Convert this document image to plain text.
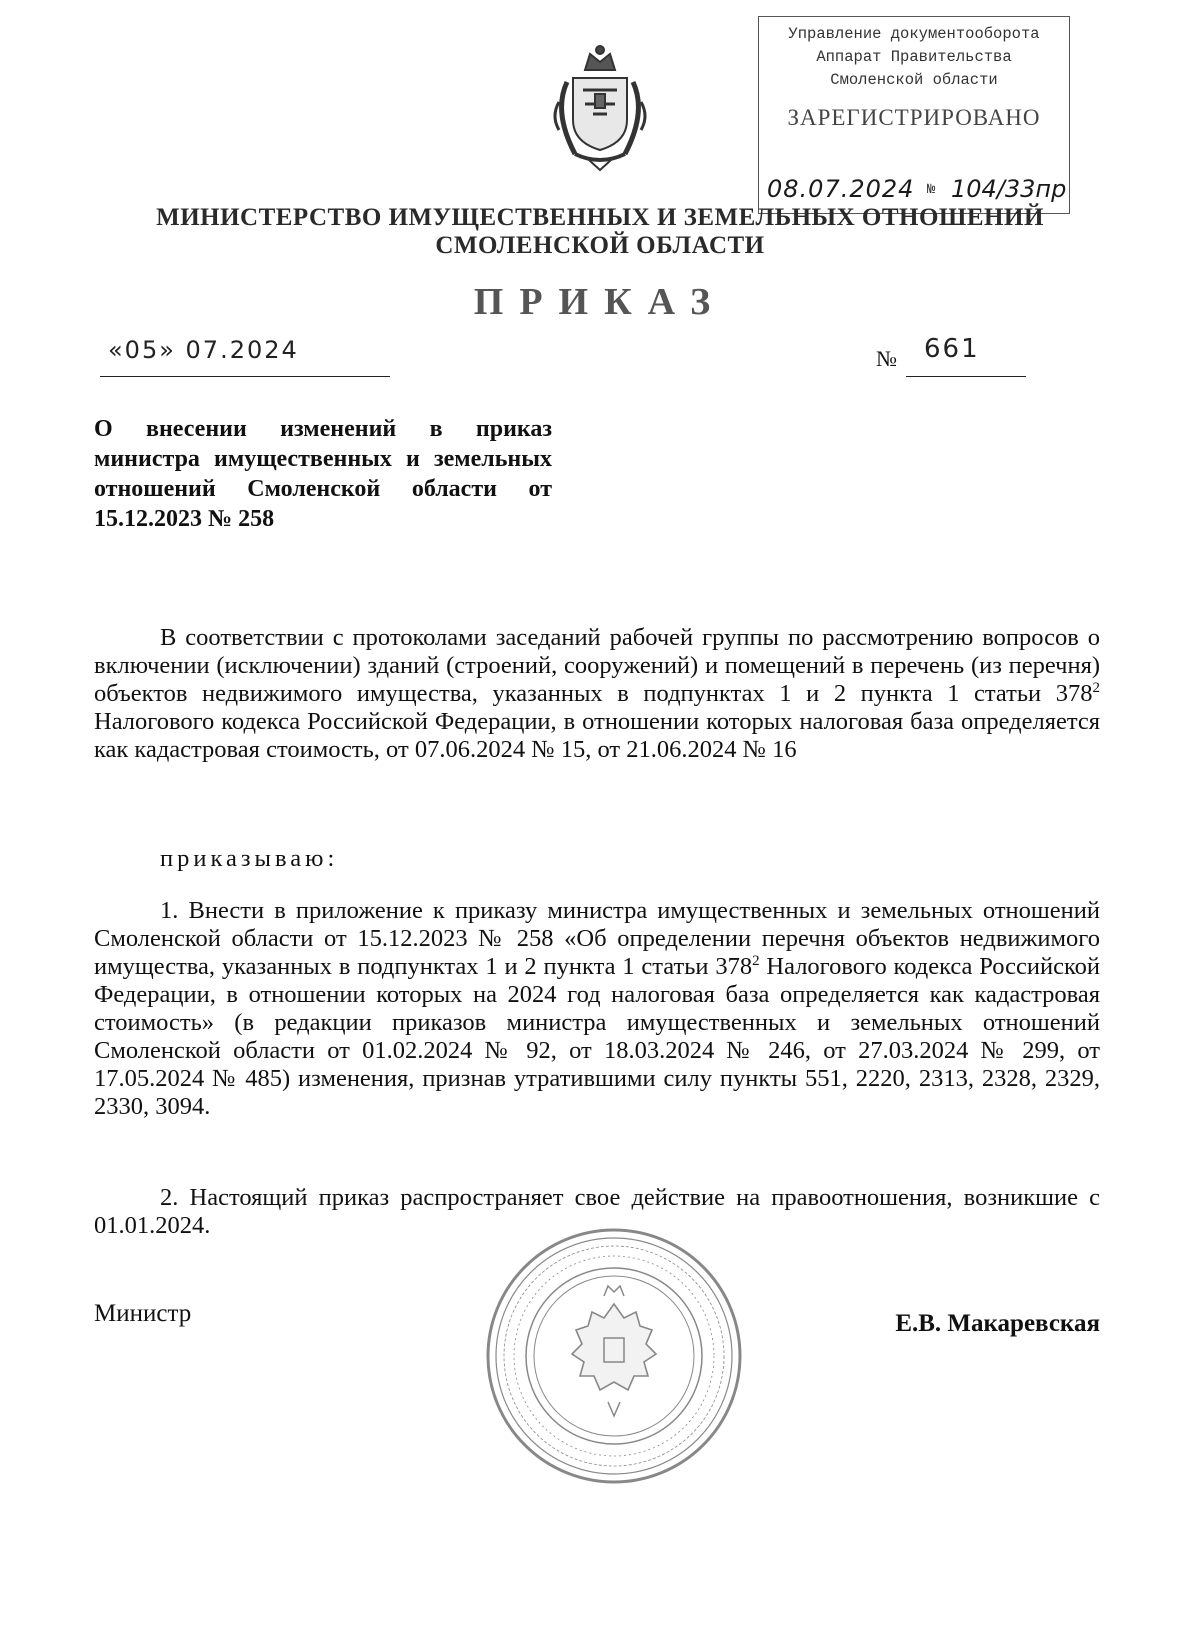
Управление документооборота
Аппарат Правительства
Смоленской области
ЗАРЕГИСТРИРОВАНО
08.07.2024 № 104/33пр
МИНИСТЕРСТВО ИМУЩЕСТВЕННЫХ И ЗЕМЕЛЬНЫХ ОТНОШЕНИЙ
СМОЛЕНСКОЙ ОБЛАСТИ
ПРИКАЗ
«05» 07.2024	№ 661
О внесении изменений в приказ министра имущественных и земельных отношений Смоленской области от 15.12.2023 № 258
В соответствии с протоколами заседаний рабочей группы по рассмотрению вопросов о включении (исключении) зданий (строений, сооружений) и помещений в перечень (из перечня) объектов недвижимого имущества, указанных в подпунктах 1 и 2 пункта 1 статьи $378^2$ Налогового кодекса Российской Федерации, в отношении которых налоговая база определяется как кадастровая стоимость, от 07.06.2024 № 15, от 21.06.2024 № 16
приказываю:
1. Внести в приложение к приказу министра имущественных и земельных отношений Смоленской области от 15.12.2023 № 258 «Об определении перечня объектов недвижимого имущества, указанных в подпунктах 1 и 2 пункта 1 статьи $378^2$ Налогового кодекса Российской Федерации, в отношении которых на 2024 год налоговая база определяется как кадастровая стоимость» (в редакции приказов министра имущественных и земельных отношений Смоленской области от 01.02.2024 № 92, от 18.03.2024 № 246, от 27.03.2024 № 299, от 17.05.2024 № 485) изменения, признав утратившими силу пункты 551, 2220, 2313, 2328, 2329, 2330, 3094.
2. Настоящий приказ распространяет свое действие на правоотношения, возникшие с 01.01.2024.
Министр	Е.В. Макаревская
